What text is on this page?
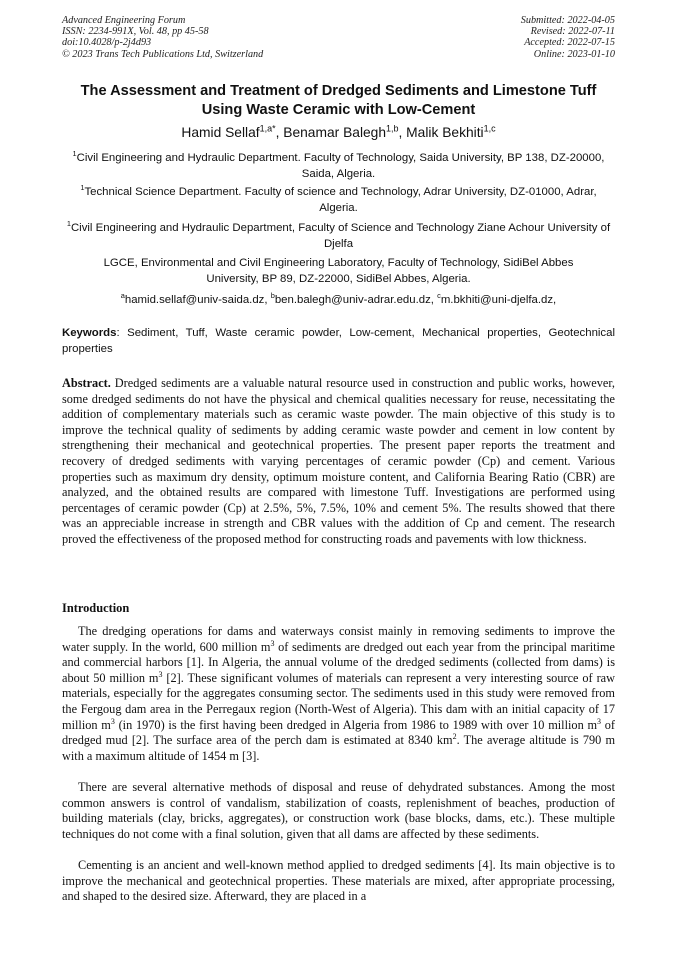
Advanced Engineering Forum
ISSN: 2234-991X, Vol. 48, pp 45-58
doi:10.4028/p-2j4d93
© 2023 Trans Tech Publications Ltd, Switzerland
Submitted: 2022-04-05
Revised: 2022-07-11
Accepted: 2022-07-15
Online: 2023-01-10
The Assessment and Treatment of Dredged Sediments and Limestone Tuff Using Waste Ceramic with Low-Cement
Hamid Sellaf$^{1,a*}$, Benamar Balegh$^{1,b}$, Malik Bekhiti$^{1,c}$
$^1$Civil Engineering and Hydraulic Department. Faculty of Technology, Saida University, BP 138, DZ-20000, Saida, Algeria.
$^1$Technical Science Department. Faculty of science and Technology, Adrar University, DZ-01000, Adrar, Algeria.
$^1$Civil Engineering and Hydraulic Department, Faculty of Science and Technology Ziane Achour University of Djelfa
LGCE, Environmental and Civil Engineering Laboratory, Faculty of Technology, SidiBel Abbes University, BP 89, DZ-22000, SidiBel Abbes, Algeria.
$^a$hamid.sellaf@univ-saida.dz, $^b$ben.balegh@univ-adrar.edu.dz, $^c$m.bkhiti@uni-djelfa.dz,
Keywords: Sediment, Tuff, Waste ceramic powder, Low-cement, Mechanical properties, Geotechnical properties
Abstract. Dredged sediments are a valuable natural resource used in construction and public works, however, some dredged sediments do not have the physical and chemical qualities necessary for reuse, necessitating the addition of complementary materials such as ceramic waste powder. The main objective of this study is to improve the technical quality of sediments by adding ceramic waste powder and cement in low content by strengthening their mechanical and geotechnical properties. The present paper reports the treatment and recovery of dredged sediments with varying percentages of ceramic powder (Cp) and cement. Various properties such as maximum dry density, optimum moisture content, and California Bearing Ratio (CBR) are analyzed, and the obtained results are compared with limestone Tuff. Investigations are performed using percentages of ceramic powder (Cp) at 2.5%, 5%, 7.5%, 10% and cement 5%. The results showed that there was an appreciable increase in strength and CBR values with the addition of Cp and cement. The research proved the effectiveness of the proposed method for constructing roads and pavements with low thickness.
Introduction
The dredging operations for dams and waterways consist mainly in removing sediments to improve the water supply. In the world, 600 million $m^3$ of sediments are dredged out each year from the principal maritime and commercial harbors [1]. In Algeria, the annual volume of the dredged sediments (collected from dams) is about 50 million $m^3$ [2]. These significant volumes of materials can represent a very interesting source of raw materials, especially for the aggregates consuming sector. The sediments used in this study were removed from the Fergoug dam area in the Perregaux region (North-West of Algeria). This dam with an initial capacity of 17 million $m^3$ (in 1970) is the first having been dredged in Algeria from 1986 to 1989 with over 10 million $m^3$ of dredged mud [2]. The surface area of the perch dam is estimated at 8340 $km^2$. The average altitude is 790 m with a maximum altitude of 1454 m [3].
There are several alternative methods of disposal and reuse of dehydrated substances. Among the most common answers is control of vandalism, stabilization of coasts, replenishment of beaches, production of building materials (clay, bricks, aggregates), or construction work (base blocks, dams, etc.). These multiple techniques do not come with a final solution, given that all dams are affected by these sediments.
Cementing is an ancient and well-known method applied to dredged sediments [4]. Its main objective is to improve the mechanical and geotechnical properties. These materials are mixed, after appropriate processing, and shaped to the desired size. Afterward, they are placed in a
